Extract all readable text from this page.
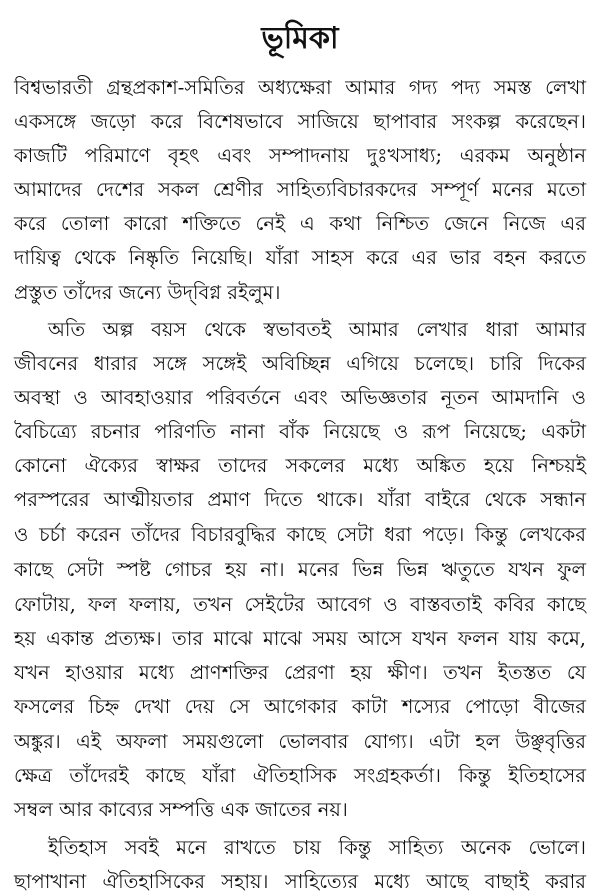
ভূমিকা
বিশ্বভারতী গ্রন্থপ্রকাশ-সমিতির অধ্যক্ষেরা আমার গদ্য পদ্য সমস্ত লেখা
একসঙ্গে জড়ো করে বিশেষভাবে সাজিয়ে ছাপাবার সংকল্প করেছেন।
কাজটি পরিমাণে বৃহৎ এবং সম্পাদনায় দুঃখসাধ্য; এরকম অনুষ্ঠান
আমাদের দেশের সকল শ্রেণীর সাহিত্যবিচারকদের সম্পূর্ণ মনের মতো
করে তোলা কারো শক্তিতে নেই এ কথা নিশ্চিত জেনে নিজে এর
দায়িত্ব থেকে নিষ্কৃতি নিয়েছি। যাঁরা সাহস করে এর ভার বহন করতে
প্রস্তুত তাঁদের জন্যে উদ্‌বিগ্ন রইলুম।
অতি অল্প বয়স থেকে স্বভাবতই আমার লেখার ধারা আমার
জীবনের ধারার সঙ্গে সঙ্গেই অবিচ্ছিন্ন এগিয়ে চলেছে। চারি দিকের
অবস্থা ও আবহাওয়ার পরিবর্তনে এবং অভিজ্ঞতার নূতন আমদানি ও
বৈচিত্র্যে রচনার পরিণতি নানা বাঁক নিয়েছে ও রূপ নিয়েছে; একটা
কোনো ঐক্যের স্বাক্ষর তাদের সকলের মধ্যে অঙ্কিত হয়ে নিশ্চয়ই
পরস্পরের আত্মীয়তার প্রমাণ দিতে থাকে। যাঁরা বাইরে থেকে সন্ধান
ও চর্চা করেন তাঁদের বিচারবুদ্ধির কাছে সেটা ধরা পড়ে। কিন্তু লেখকের
কাছে সেটা স্পষ্ট গোচর হয় না। মনের ভিন্ন ভিন্ন ঋতুতে যখন ফুল
ফোটায়, ফল ফলায়, তখন সেইটের আবেগ ও বাস্তবতাই কবির কাছে
হয় একান্ত প্রত্যক্ষ। তার মাঝে মাঝে সময় আসে যখন ফলন যায় কমে,
যখন হাওয়ার মধ্যে প্রাণশক্তির প্রেরণা হয় ক্ষীণ। তখন ইতস্তত যে
ফসলের চিহ্ন দেখা দেয় সে আগেকার কাটা শস্যের পোড়ো বীজের
অঙ্কুর। এই অফলা সময়গুলো ভোলবার যোগ্য। এটা হল উঞ্ছবৃত্তির
ক্ষেত্র তাঁদেরই কাছে যাঁরা ঐতিহাসিক সংগ্রহকর্তা। কিন্তু ইতিহাসের
সম্বল আর কাব্যের সম্পত্তি এক জাতের নয়।
ইতিহাস সবই মনে রাখতে চায় কিন্তু সাহিত্য অনেক ভোলে।
ছাপাখানা ঐতিহাসিকের সহায়। সাহিত্যের মধ্যে আছে বাছাই করার
